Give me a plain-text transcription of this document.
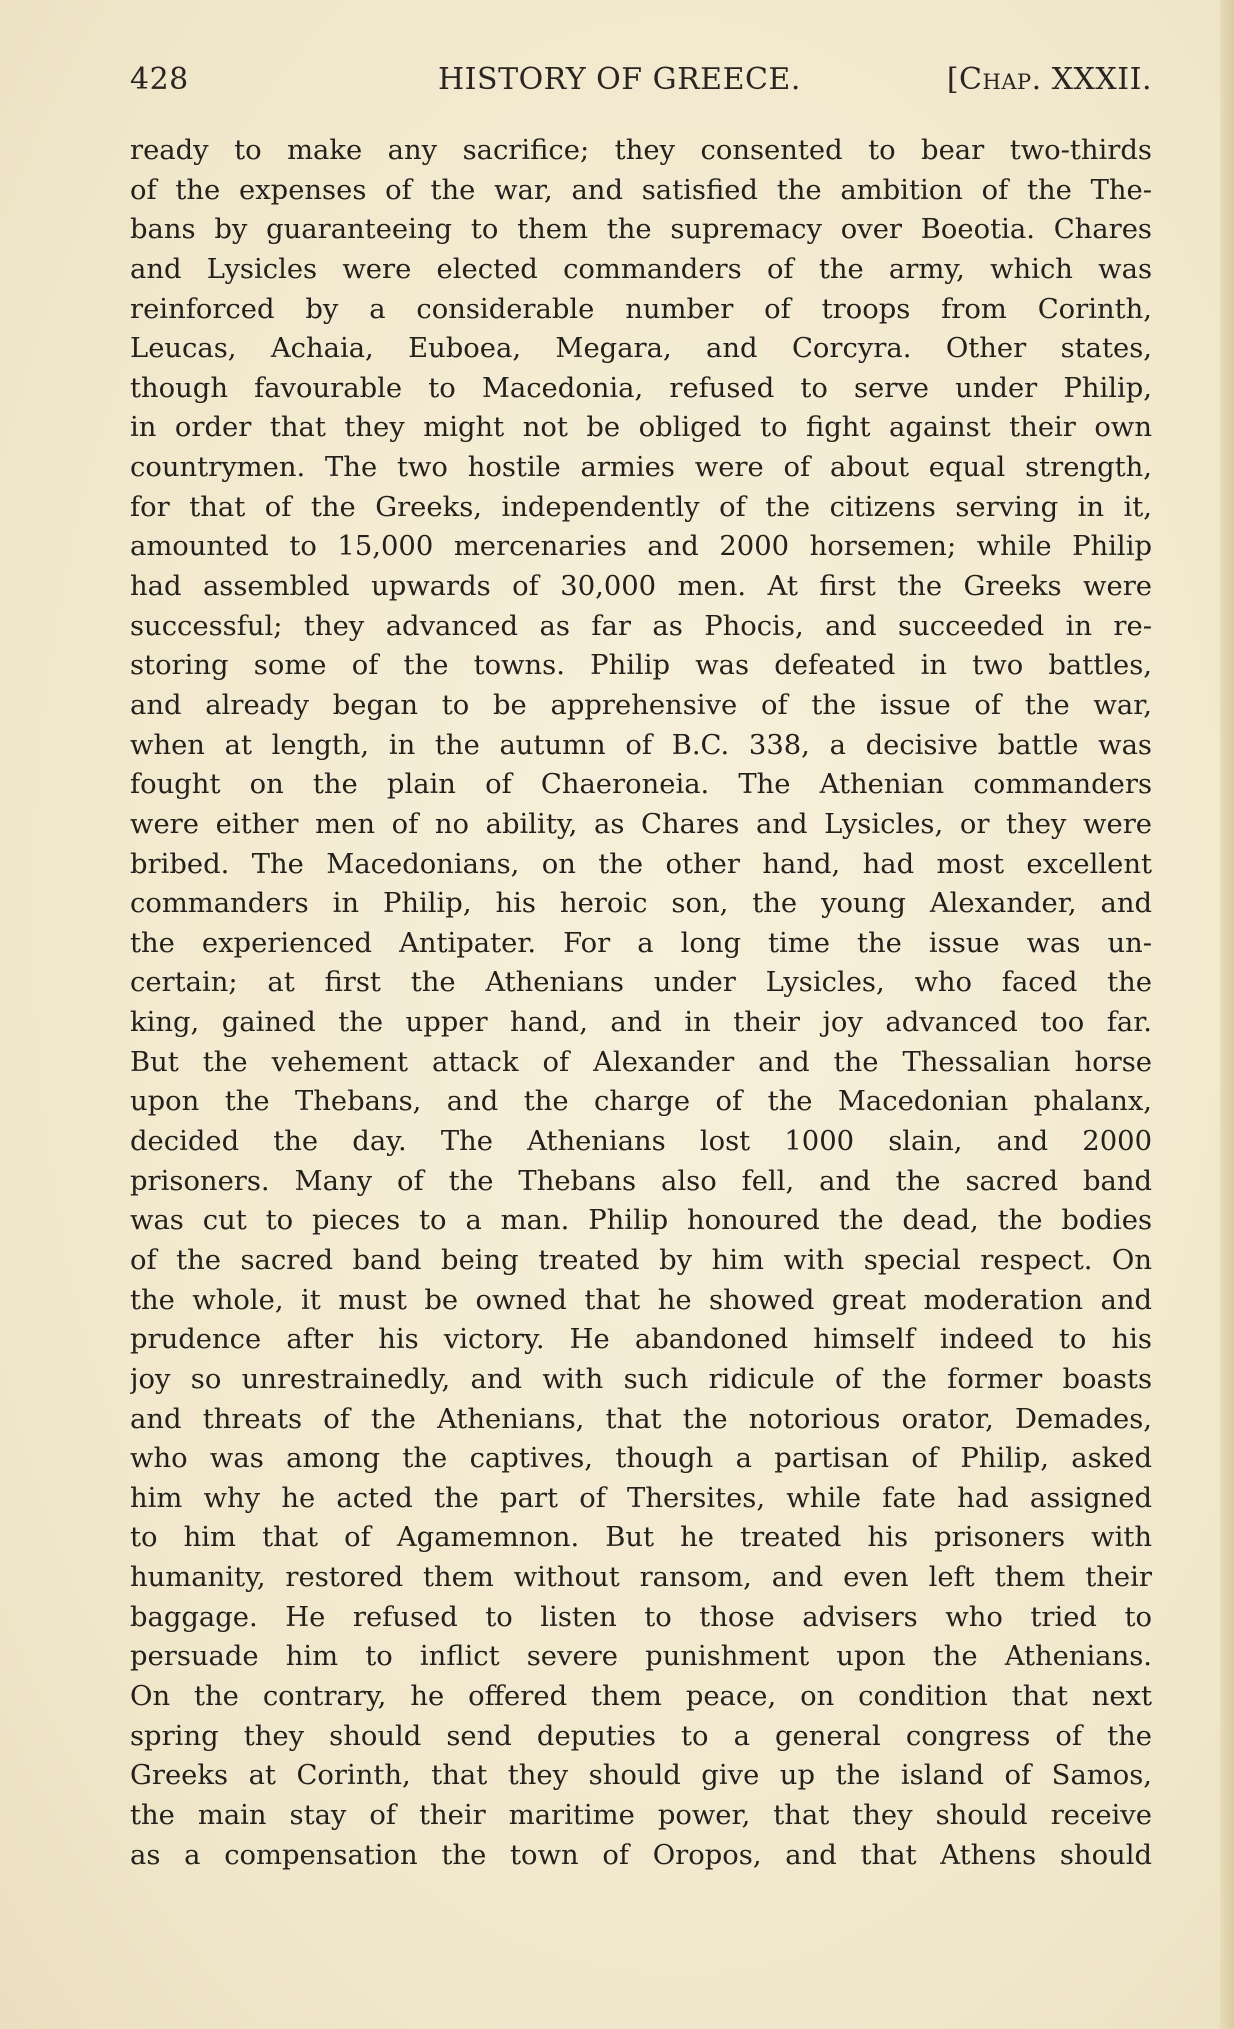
428	HISTORY OF GREECE.	[Chap. XXXII.
ready to make any sacrifice; they consented to bear two-thirds
of the expenses of the war, and satisfied the ambition of the The-
bans by guaranteeing to them the supremacy over Boeotia. Chares
and Lysicles were elected commanders of the army, which was
reinforced by a considerable number of troops from Corinth,
Leucas, Achaia, Euboea, Megara, and Corcyra. Other states,
though favourable to Macedonia, refused to serve under Philip,
in order that they might not be obliged to fight against their own
countrymen. The two hostile armies were of about equal strength,
for that of the Greeks, independently of the citizens serving in it,
amounted to 15,000 mercenaries and 2000 horsemen; while Philip
had assembled upwards of 30,000 men. At first the Greeks were
successful; they advanced as far as Phocis, and succeeded in re-
storing some of the towns. Philip was defeated in two battles,
and already began to be apprehensive of the issue of the war,
when at length, in the autumn of B.C. 338, a decisive battle was
fought on the plain of Chaeroneia. The Athenian commanders
were either men of no ability, as Chares and Lysicles, or they were
bribed. The Macedonians, on the other hand, had most excellent
commanders in Philip, his heroic son, the young Alexander, and
the experienced Antipater. For a long time the issue was un-
certain; at first the Athenians under Lysicles, who faced the
king, gained the upper hand, and in their joy advanced too far.
But the vehement attack of Alexander and the Thessalian horse
upon the Thebans, and the charge of the Macedonian phalanx,
decided the day. The Athenians lost 1000 slain, and 2000
prisoners. Many of the Thebans also fell, and the sacred band
was cut to pieces to a man. Philip honoured the dead, the bodies
of the sacred band being treated by him with special respect. On
the whole, it must be owned that he showed great moderation and
prudence after his victory. He abandoned himself indeed to his
joy so unrestrainedly, and with such ridicule of the former boasts
and threats of the Athenians, that the notorious orator, Demades,
who was among the captives, though a partisan of Philip, asked
him why he acted the part of Thersites, while fate had assigned
to him that of Agamemnon. But he treated his prisoners with
humanity, restored them without ransom, and even left them their
baggage. He refused to listen to those advisers who tried to
persuade him to inflict severe punishment upon the Athenians.
On the contrary, he offered them peace, on condition that next
spring they should send deputies to a general congress of the
Greeks at Corinth, that they should give up the island of Samos,
the main stay of their maritime power, that they should receive
as a compensation the town of Oropos, and that Athens should
